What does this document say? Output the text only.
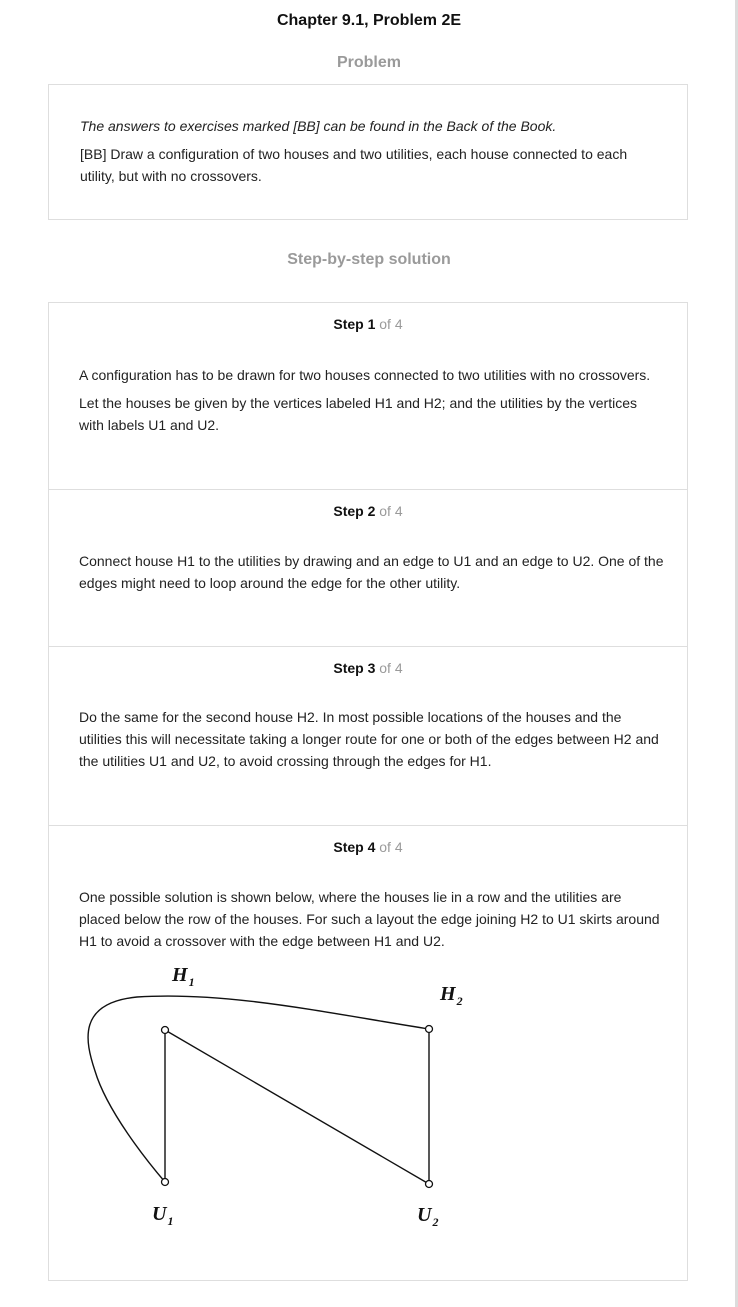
Chapter 9.1, Problem 2E
Problem
The answers to exercises marked [BB] can be found in the Back of the Book.
[BB] Draw a configuration of two houses and two utilities, each house connected to each utility, but with no crossovers.
Step-by-step solution
Step 1 of 4

A configuration has to be drawn for two houses connected to two utilities with no crossovers.

Let the houses be given by the vertices labeled H1 and H2; and the utilities by the vertices with labels U1 and U2.

Step 2 of 4

Connect house H1 to the utilities by drawing and an edge to U1 and an edge to U2. One of the edges might need to loop around the edge for the other utility.

Step 3 of 4

Do the same for the second house H2. In most possible locations of the houses and the utilities this will necessitate taking a longer route for one or both of the edges between H2 and the utilities U1 and U2, to avoid crossing through the edges for H1.

Step 4 of 4

One possible solution is shown below, where the houses lie in a row and the utilities are placed below the row of the houses. For such a layout the edge joining H2 to U1 skirts around H1 to avoid a crossover with the edge between H1 and U2.

$H_1$
$H_2$
$U_1$	$U_2$
